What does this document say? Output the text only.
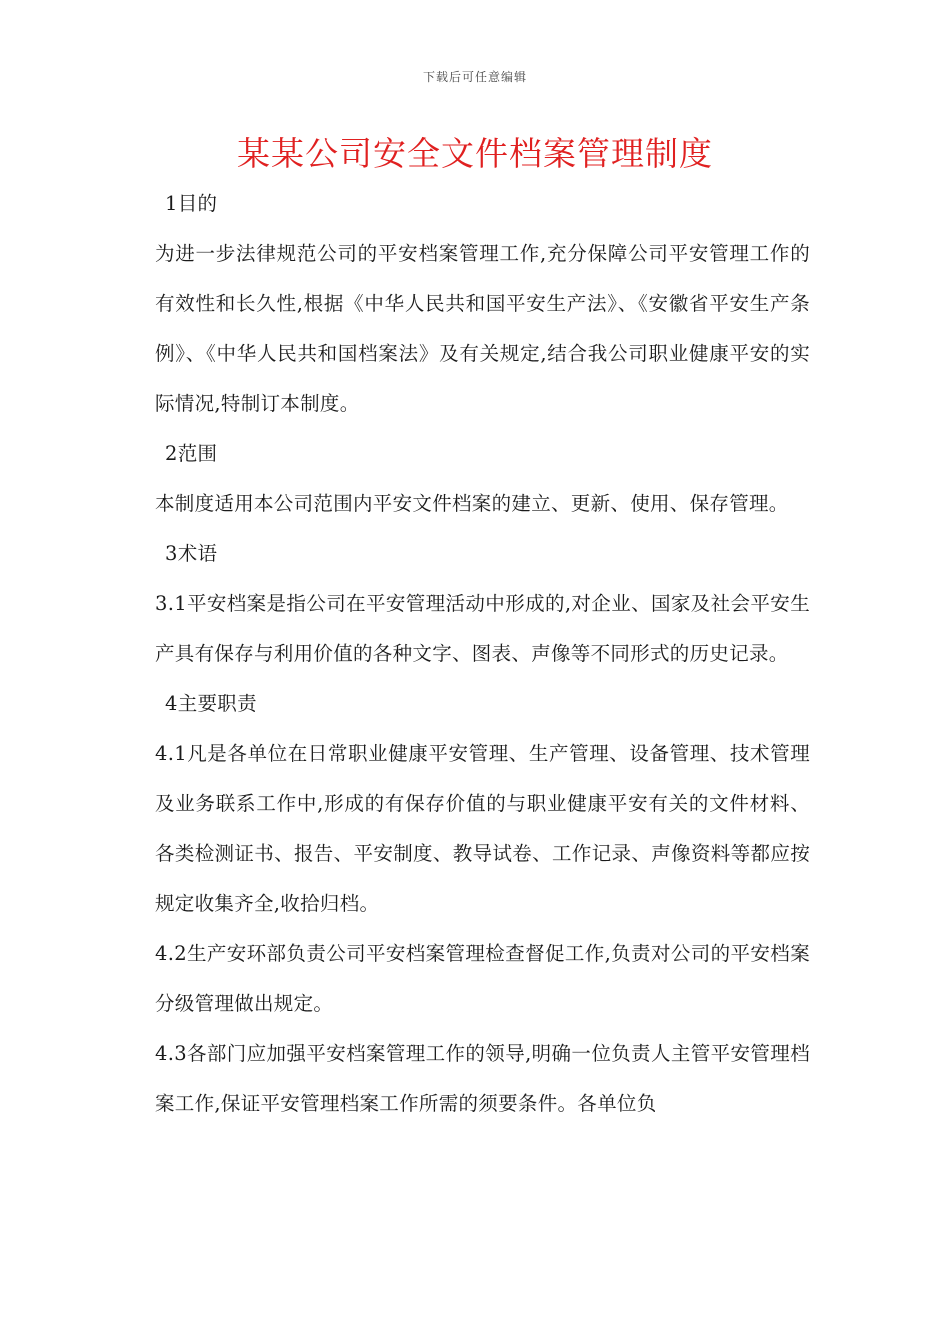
下载后可任意编辑
某某公司安全文件档案管理制度

1目的

为进一步法律规范公司的平安档案管理工作,充分保障公司平安管理工作的有效性和长久性,根据《中华人民共和国平安生产法》、《安徽省平安生产条例》、《中华人民共和国档案法》及有关规定,结合我公司职业健康平安的实际情况,特制订本制度。

2范围

本制度适用本公司范围内平安文件档案的建立、更新、使用、保存管理。

3术语

3.1平安档案是指公司在平安管理活动中形成的,对企业、国家及社会平安生产具有保存与利用价值的各种文字、图表、声像等不同形式的历史记录。

4主要职责

4.1凡是各单位在日常职业健康平安管理、生产管理、设备管理、技术管理及业务联系工作中,形成的有保存价值的与职业健康平安有关的文件材料、各类检测证书、报告、平安制度、教导试卷、工作记录、声像资料等都应按规定收集齐全,收拾归档。

4.2生产安环部负责公司平安档案管理检查督促工作,负责对公司的平安档案分级管理做出规定。

4.3各部门应加强平安档案管理工作的领导,明确一位负责人主管平安管理档案工作,保证平安管理档案工作所需的须要条件。各单位负
